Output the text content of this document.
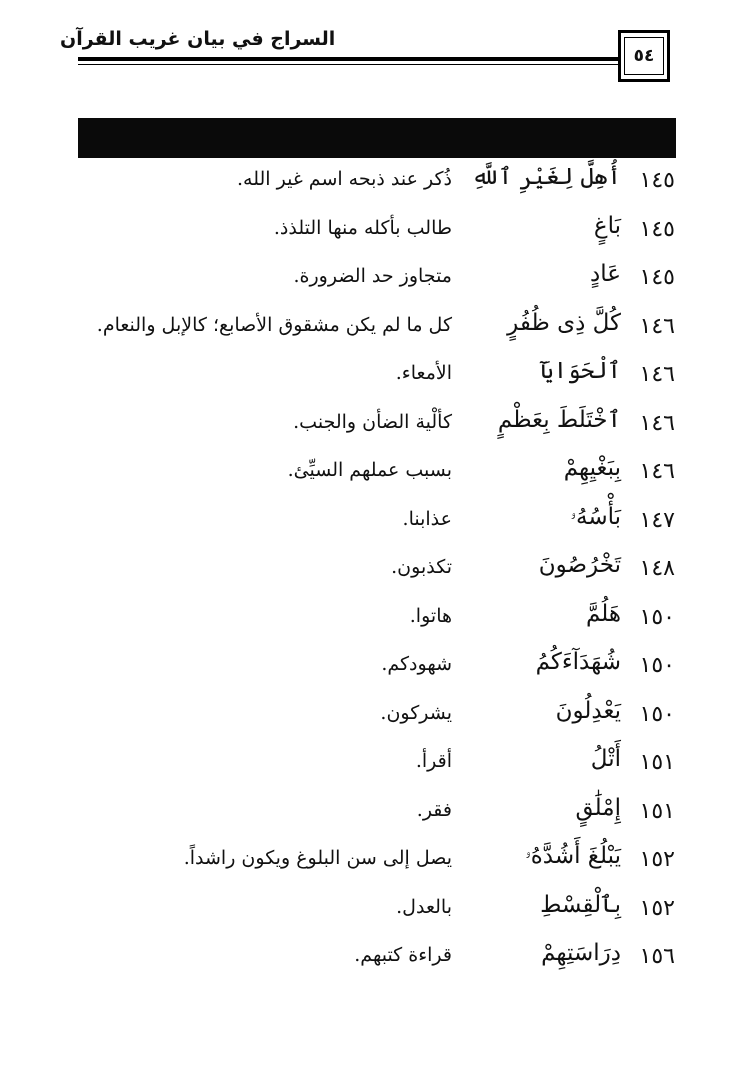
السراج في بيان غريب القرآن
٥٤
١٤٥
أُهِلَّ لِغَيْرِ ٱللَّهِ
ذُكر عند ذبحه اسم غير الله.
١٤٥
بَاغٍ
طالب بأكله منها التلذذ.
١٤٥
عَادٍ
متجاوز حد الضرورة.
١٤٦
كُلَّ ذِى ظُفُرٍ
كل ما لم يكن مشقوق الأصابع؛ كالإبل والنعام.
١٤٦
ٱلْحَوَايَآ
الأمعاء.
١٤٦
ٱخْتَلَطَ بِعَظْمٍ
كألْية الضأن والجنب.
١٤٦
بِبَغْيِهِمْ
بسبب عملهم السيِّئ.
١٤٧
بَأْسُهُۥ
عذابنا.
١٤٨
تَخْرُصُونَ
تكذبون.
١٥٠
هَلُمَّ
هاتوا.
١٥٠
شُهَدَآءَكُمُ
شهودكم.
١٥٠
يَعْدِلُونَ
يشركون.
١٥١
أَتْلُ
أقرأ.
١٥١
إِمْلَٰقٍ
فقر.
١٥٢
يَبْلُغَ أَشُدَّهُۥ
يصل إلى سن البلوغ ويكون راشداً.
١٥٢
بِٱلْقِسْطِ
بالعدل.
١٥٦
دِرَاسَتِهِمْ
قراءة كتبهم.
